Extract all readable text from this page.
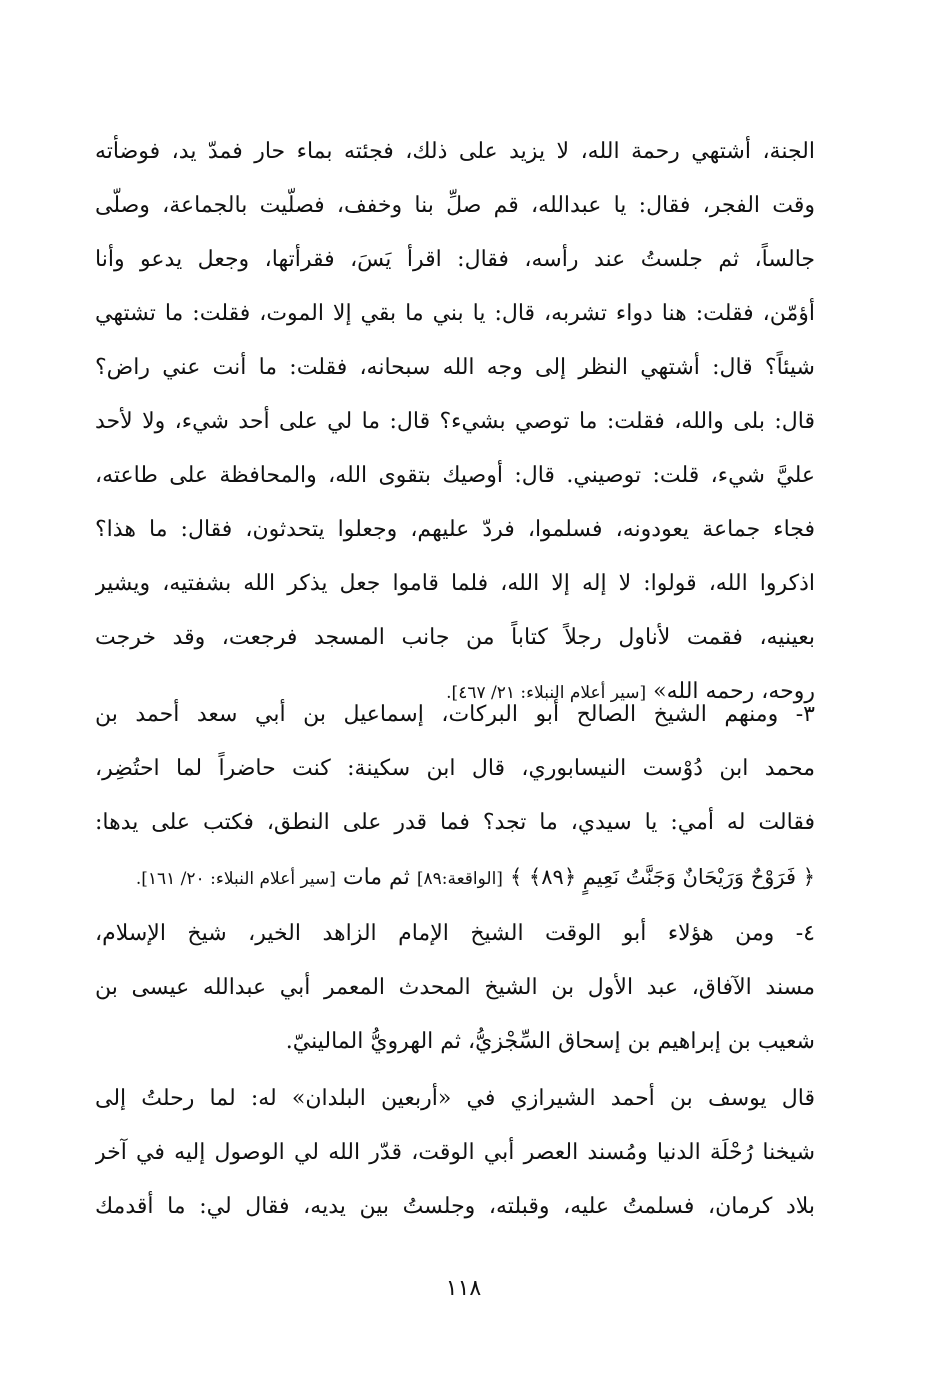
الجنة، أشتهي رحمة الله، لا يزيد على ذلك، فجئته بماء حار فمدّ يد، فوضأته
وقت الفجر، فقال: يا عبدالله، قم صلِّ بنا وخفف، فصلّيت بالجماعة، وصلّى
جالساً، ثم جلستُ عند رأسه، فقال: اقرأ يَسَ، فقرأتها، وجعل يدعو وأنا
أؤمّن، فقلت: هنا دواء تشربه، قال: يا بني ما بقي إلا الموت، فقلت: ما تشتهي
شيئاً؟ قال: أشتهي النظر إلى وجه الله سبحانه، فقلت: ما أنت عني راض؟
قال: بلى والله، فقلت: ما توصي بشيء؟ قال: ما لي على أحد شيء، ولا لأحد
عليَّ شيء، قلت: توصيني. قال: أوصيك بتقوى الله، والمحافظة على طاعته،
فجاء جماعة يعودونه، فسلموا، فردّ عليهم، وجعلوا يتحدثون، فقال: ما هذا؟
اذكروا الله، قولوا: لا إله إلا الله، فلما قاموا جعل يذكر الله بشفتيه، ويشير
بعينيه، فقمت لأناول رجلاً كتاباً من جانب المسجد فرجعت، وقد خرجت
روحه، رحمه الله» [سير أعلام النبلاء: ٢١/ ٤٦٧].
٣- ومنهم الشيخ الصالح أبو البركات، إسماعيل بن أبي سعد أحمد بن
محمد ابن دُوْست النيسابوري، قال ابن سكينة: كنت حاضراً لما احتُضِر،
فقالت له أمي: يا سيدي، ما تجد؟ فما قدر على النطق، فكتب على يدها:
﴿ فَرَوْحٌ وَرَيْحَانٌ وَجَنَّتُ نَعِيمٍ ﴿٨٩﴾ ﴾ [الواقعة:٨٩] ثم مات [سير أعلام النبلاء: ٢٠/ ١٦١].
٤- ومن هؤلاء أبو الوقت الشيخ الإمام الزاهد الخير، شيخ الإسلام،
مسند الآفاق، عبد الأول بن الشيخ المحدث المعمر أبي عبدالله عيسى بن
شعيب بن إبراهيم بن إسحاق السِّجْزيُّ، ثم الهرويُّ المالينيّ.
قال يوسف بن أحمد الشيرازي في «أربعين البلدان» له: لما رحلتُ إلى
شيخنا رُحْلَة الدنيا ومُسند العصر أبي الوقت، قدّر الله لي الوصول إليه في آخر
بلاد كرمان، فسلمتُ عليه، وقبلته، وجلستُ بين يديه، فقال لي: ما أقدمك
١١٨
